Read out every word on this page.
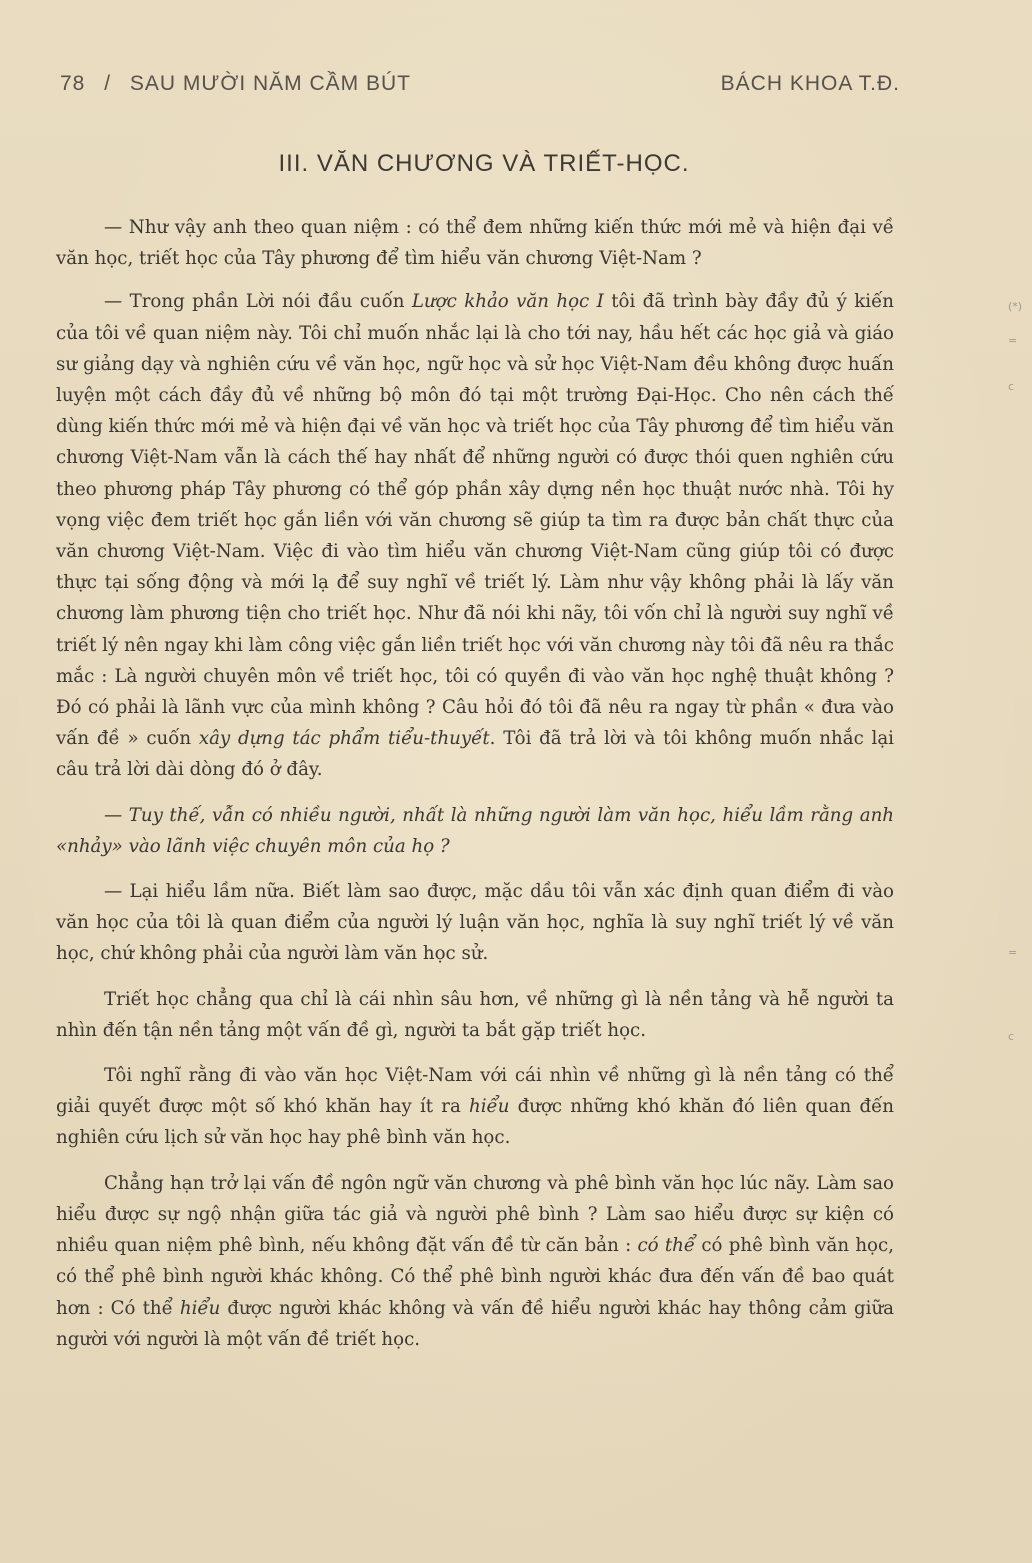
78 / SAU MƯỜI NĂM CẦM BÚT	BÁCH KHOA T.Đ.
III. VĂN CHƯƠNG VÀ TRIẾT-HỌC.

— Như vậy anh theo quan niệm : có thể đem những kiến thức mới mẻ và hiện đại về văn học, triết học của Tây phương để tìm hiểu văn chương Việt-Nam ?

— Trong phần Lời nói đầu cuốn Lược khảo văn học I tôi đã trình bày đầy đủ ý kiến của tôi về quan niệm này. Tôi chỉ muốn nhắc lại là cho tới nay, hầu hết các học giả và giáo sư giảng dạy và nghiên cứu về văn học, ngữ học và sử học Việt-Nam đều không được huấn luyện một cách đầy đủ về những bộ môn đó tại một trường Đại-Học. Cho nên cách thế dùng kiến thức mới mẻ và hiện đại về văn học và triết học của Tây phương để tìm hiểu văn chương Việt-Nam vẫn là cách thế hay nhất để những người có được thói quen nghiên cứu theo phương pháp Tây phương có thể góp phần xây dựng nền học thuật nước nhà. Tôi hy vọng việc đem triết học gắn liền với văn chương sẽ giúp ta tìm ra được bản chất thực của văn chương Việt-Nam. Việc đi vào tìm hiểu văn chương Việt-Nam cũng giúp tôi có được thực tại sống động và mới lạ để suy nghĩ về triết lý. Làm như vậy không phải là lấy văn chương làm phương tiện cho triết học. Như đã nói khi nãy, tôi vốn chỉ là người suy nghĩ về triết lý nên ngay khi làm công việc gắn liền triết học với văn chương này tôi đã nêu ra thắc mắc : Là người chuyên môn về triết học, tôi có quyền đi vào văn học nghệ thuật không ? Đó có phải là lãnh vực của mình không ? Câu hỏi đó tôi đã nêu ra ngay từ phần « đưa vào vấn đề » cuốn xây dựng tác phẩm tiểu-thuyết. Tôi đã trả lời và tôi không muốn nhắc lại câu trả lời dài dòng đó ở đây.

— Tuy thế, vẫn có nhiều người, nhất là những người làm văn học, hiểu lầm rằng anh «nhảy» vào lãnh việc chuyên môn của họ ?

— Lại hiểu lầm nữa. Biết làm sao được, mặc dầu tôi vẫn xác định quan điểm đi vào văn học của tôi là quan điểm của người lý luận văn học, nghĩa là suy nghĩ triết lý về văn học, chứ không phải của người làm văn học sử.

Triết học chẳng qua chỉ là cái nhìn sâu hơn, về những gì là nền tảng và hễ người ta nhìn đến tận nền tảng một vấn đề gì, người ta bắt gặp triết học.

Tôi nghĩ rằng đi vào văn học Việt-Nam với cái nhìn về những gì là nền tảng có thể giải quyết được một số khó khăn hay ít ra hiểu được những khó khăn đó liên quan đến nghiên cứu lịch sử văn học hay phê bình văn học.

Chẳng hạn trở lại vấn đề ngôn ngữ văn chương và phê bình văn học lúc nãy. Làm sao hiểu được sự ngộ nhận giữa tác giả và người phê bình ? Làm sao hiểu được sự kiện có nhiều quan niệm phê bình, nếu không đặt vấn đề từ căn bản : có thể có phê bình văn học, có thể phê bình người khác không. Có thể phê bình người khác đưa đến vấn đề bao quát hơn : Có thể hiểu được người khác không và vấn đề hiểu người khác hay thông cảm giữa người với người là một vấn đề triết học.

(*)
=
c
=
c
